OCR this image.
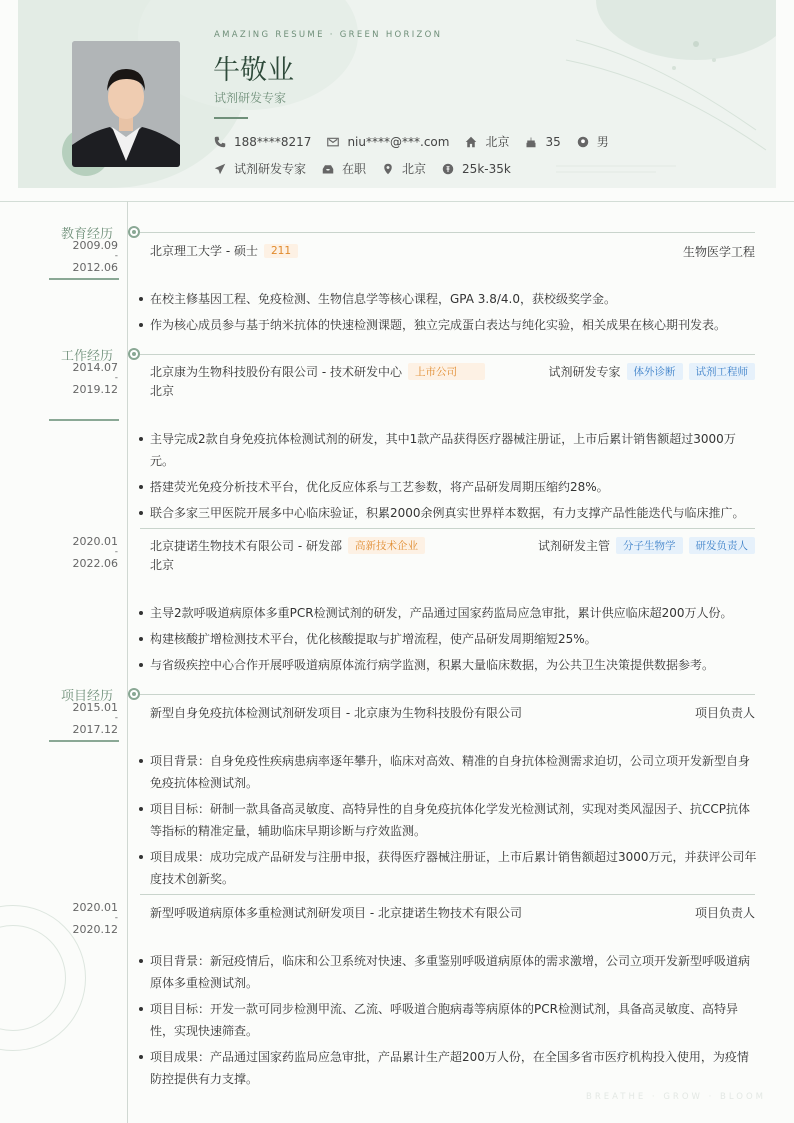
AMAZING RESUME · GREEN HORIZON
牛敬业
试剂研发专家
188****8217	niu****@***.com	北京	35	男
试剂研发专家	在职	北京	25k-35k
教育经历
2009.09
-
2012.06
北京理工大学 - 硕士	211	生物医学工程
在校主修基因工程、免疫检测、生物信息学等核心课程，GPA 3.8/4.0，获校级奖学金。
作为核心成员参与基于纳米抗体的快速检测课题，独立完成蛋白表达与纯化实验，相关成果在核心期刊发表。
工作经历
2014.07
-
2019.12
北京康为生物科技股份有限公司 - 技术研发中心	上市公司	试剂研发专家	体外诊断	试剂工程师
北京
主导完成2款自身免疫抗体检测试剂的研发，其中1款产品获得医疗器械注册证，上市后累计销售额超过3000万元。
搭建荧光免疫分析技术平台，优化反应体系与工艺参数，将产品研发周期压缩约28%。
联合多家三甲医院开展多中心临床验证，积累2000余例真实世界样本数据，有力支撑产品性能迭代与临床推广。
2020.01
-
2022.06
北京捷诺生物技术有限公司 - 研发部	高新技术企业	试剂研发主管	分子生物学	研发负责人
北京
主导2款呼吸道病原体多重PCR检测试剂的研发，产品通过国家药监局应急审批，累计供应临床超200万人份。
构建核酸扩增检测技术平台，优化核酸提取与扩增流程，使产品研发周期缩短25%。
与省级疾控中心合作开展呼吸道病原体流行病学监测，积累大量临床数据，为公共卫生决策提供数据参考。
项目经历
2015.01
-
2017.12
新型自身免疫抗体检测试剂研发项目 - 北京康为生物科技股份有限公司	项目负责人
项目背景：自身免疫性疾病患病率逐年攀升，临床对高效、精准的自身抗体检测需求迫切，公司立项开发新型自身免疫抗体检测试剂。
项目目标：研制一款具备高灵敏度、高特异性的自身免疫抗体化学发光检测试剂，实现对类风湿因子、抗CCP抗体等指标的精准定量，辅助临床早期诊断与疗效监测。
项目成果：成功完成产品研发与注册申报，获得医疗器械注册证，上市后累计销售额超过3000万元，并获评公司年度技术创新奖。
2020.01
-
2020.12
新型呼吸道病原体多重检测试剂研发项目 - 北京捷诺生物技术有限公司	项目负责人
项目背景：新冠疫情后，临床和公卫系统对快速、多重鉴别呼吸道病原体的需求激增，公司立项开发新型呼吸道病原体多重检测试剂。
项目目标：开发一款可同步检测甲流、乙流、呼吸道合胞病毒等病原体的PCR检测试剂，具备高灵敏度、高特异性，实现快速筛查。
项目成果：产品通过国家药监局应急审批，产品累计生产超200万人份，在全国多省市医疗机构投入使用，为疫情防控提供有力支撑。
BREATHE · GROW · BLOOM
